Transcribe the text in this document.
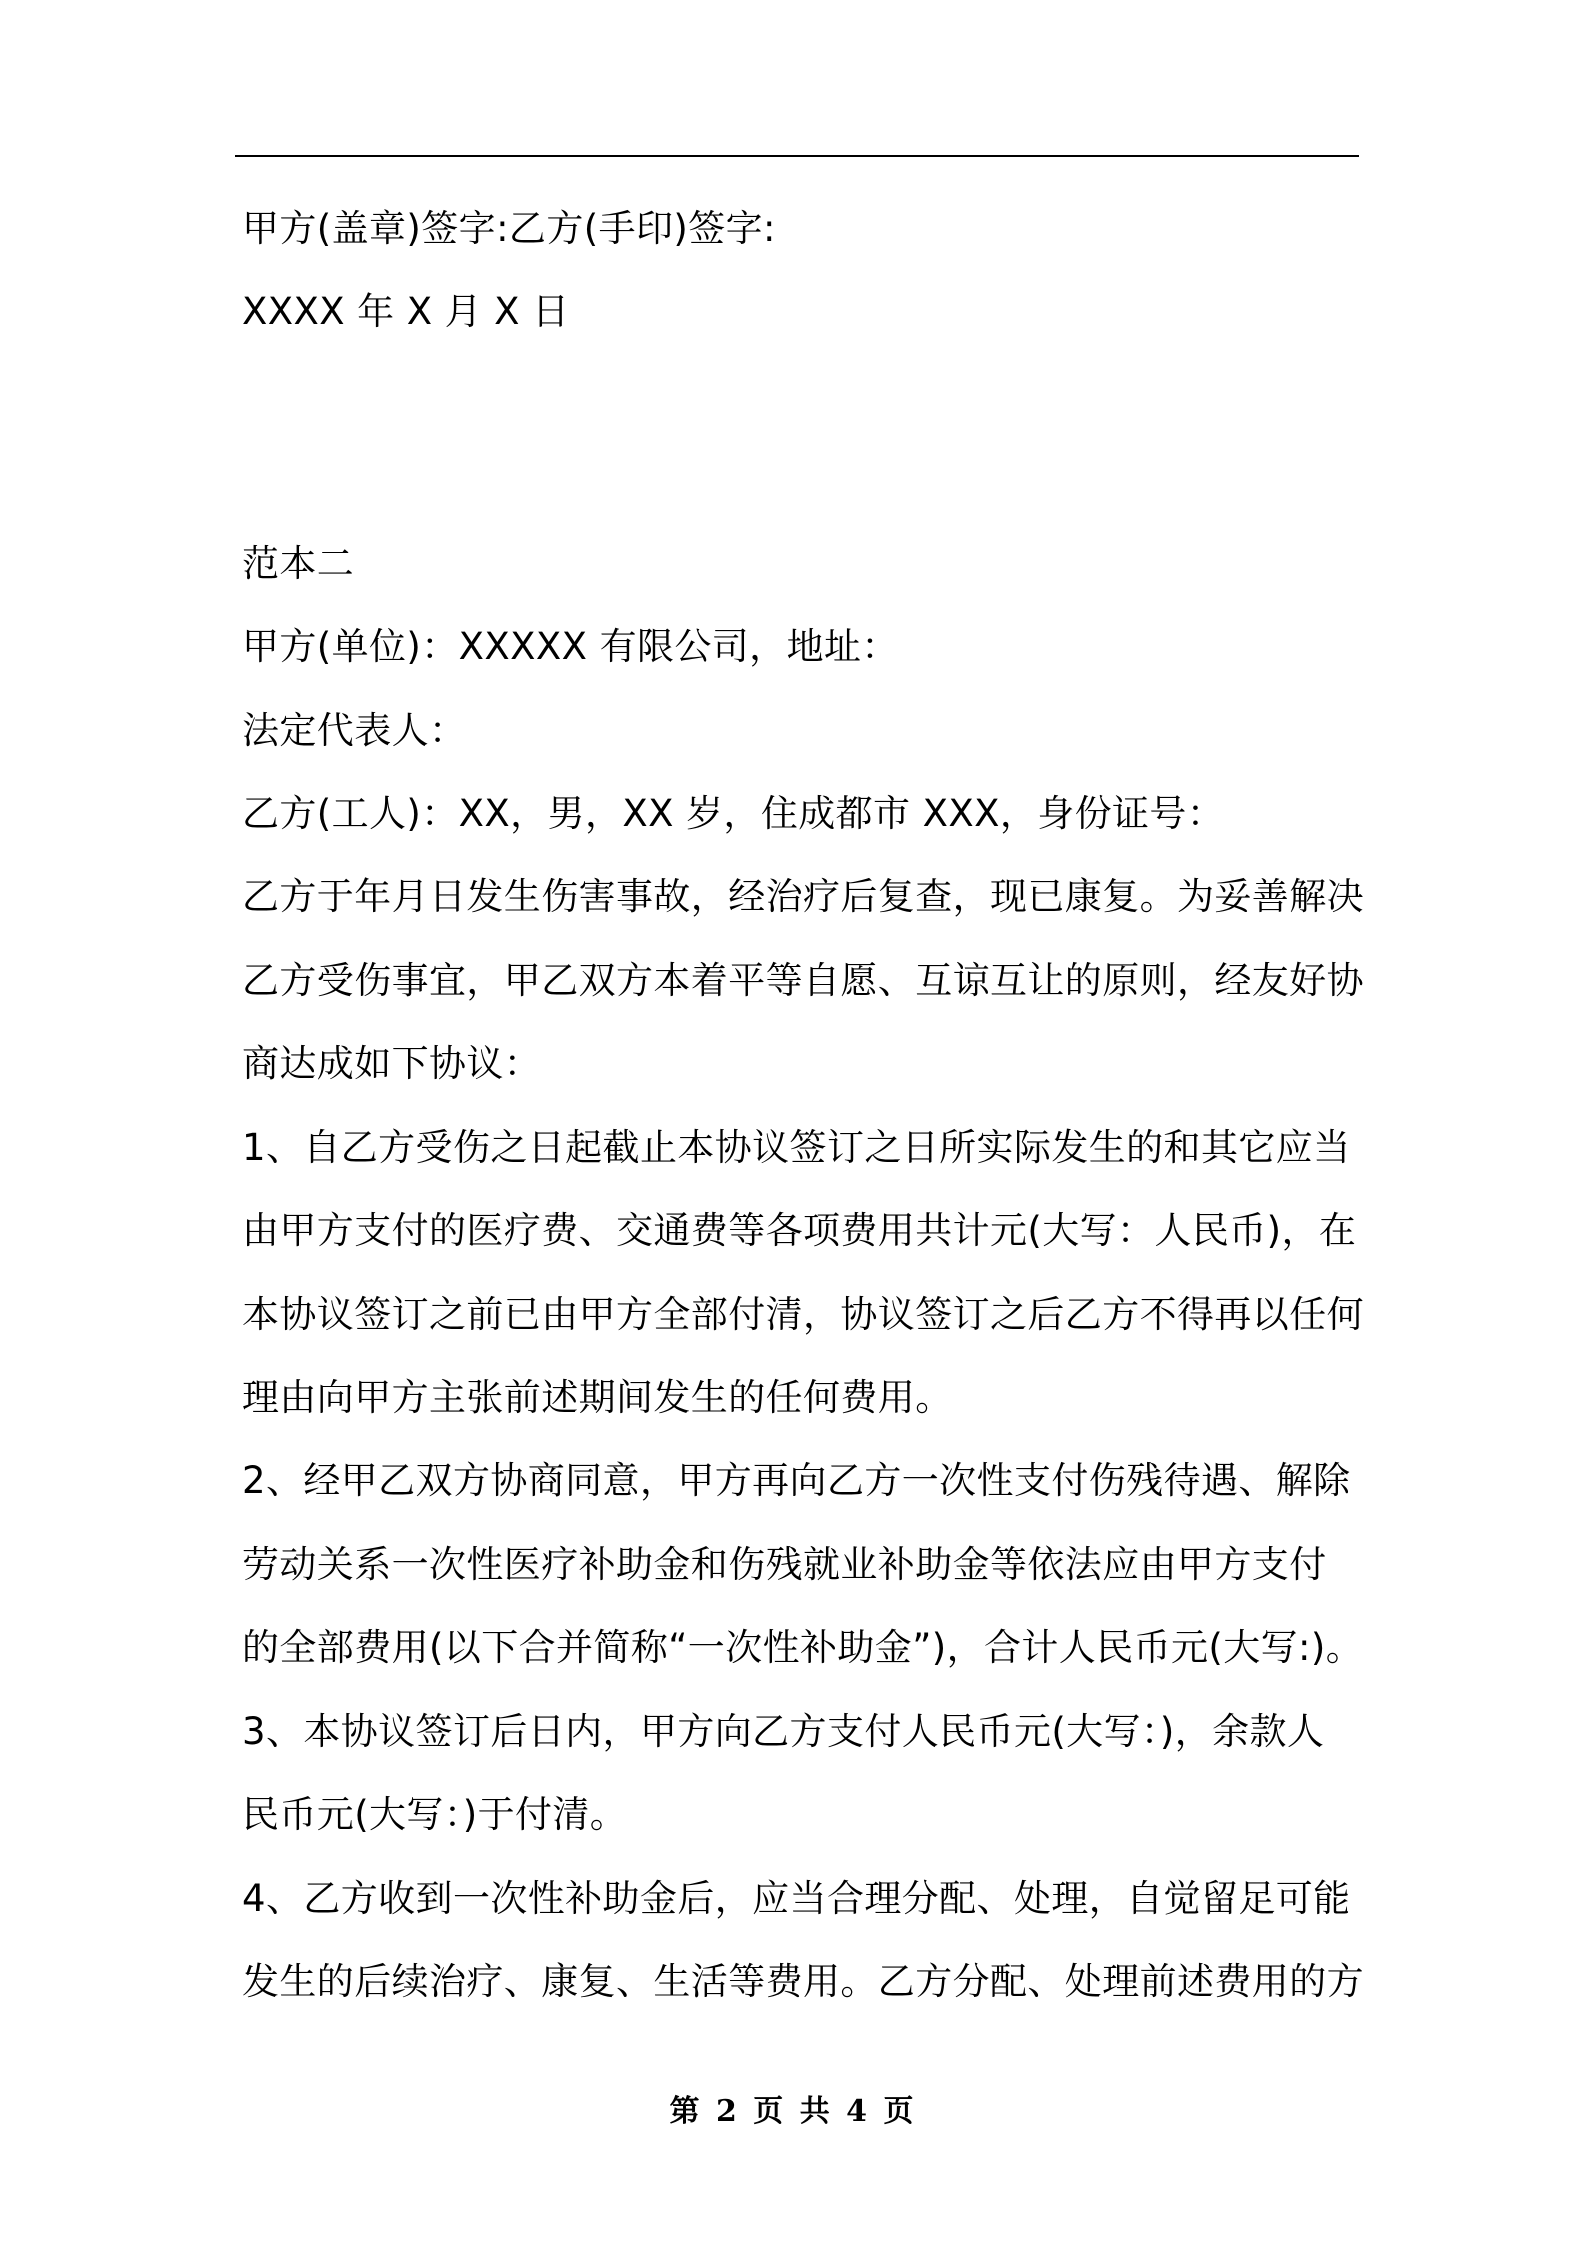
甲方(盖章)签字:乙方(手印)签字:
XXXX 年 X 月 X 日
范本二
甲方(单位)：XXXXX 有限公司，地址：
法定代表人：
乙方(工人)：XX，男，XX 岁，住成都市 XXX，身份证号：
乙方于年月日发生伤害事故，经治疗后复查，现已康复。为妥善解决
乙方受伤事宜，甲乙双方本着平等自愿、互谅互让的原则，经友好协
商达成如下协议：
1、自乙方受伤之日起截止本协议签订之日所实际发生的和其它应当
由甲方支付的医疗费、交通费等各项费用共计元(大写：人民币)，在
本协议签订之前已由甲方全部付清，协议签订之后乙方不得再以任何
理由向甲方主张前述期间发生的任何费用。
2、经甲乙双方协商同意，甲方再向乙方一次性支付伤残待遇、解除
劳动关系一次性医疗补助金和伤残就业补助金等依法应由甲方支付
的全部费用(以下合并简称“一次性补助金”)，合计人民币元(大写:)。
3、本协议签订后日内，甲方向乙方支付人民币元(大写：)，余款人
民币元(大写：)于付清。
4、乙方收到一次性补助金后，应当合理分配、处理，自觉留足可能
发生的后续治疗、康复、生活等费用。乙方分配、处理前述费用的方
第 2 页 共 4 页
